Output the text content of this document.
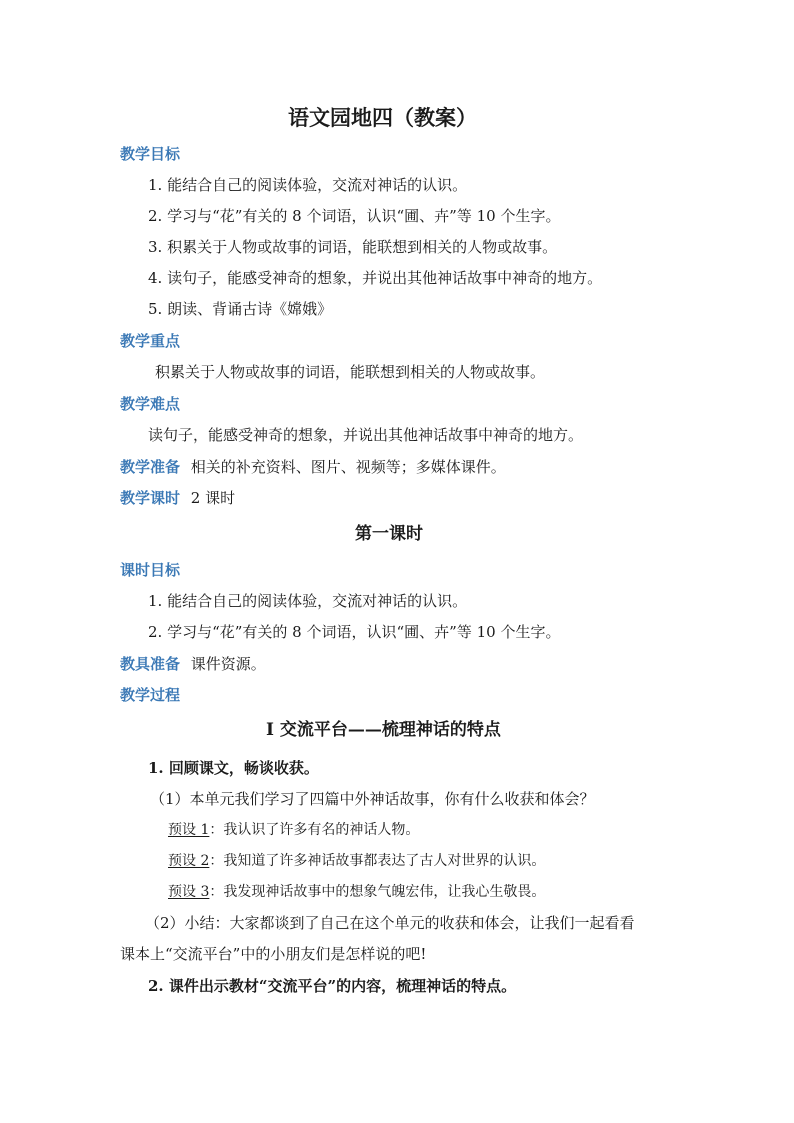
语文园地四（教案）
教学目标
1. 能结合自己的阅读体验，交流对神话的认识。
2. 学习与“花”有关的 8 个词语，认识“圃、卉”等 10 个生字。
3. 积累关于人物或故事的词语，能联想到相关的人物或故事。
4. 读句子，能感受神奇的想象，并说出其他神话故事中神奇的地方。
5. 朗读、背诵古诗《嫦娥》
教学重点
积累关于人物或故事的词语，能联想到相关的人物或故事。
教学难点
读句子，能感受神奇的想象，并说出其他神话故事中神奇的地方。
教学准备 相关的补充资料、图片、视频等；多媒体课件。
教学课时 2 课时
第一课时
课时目标
1. 能结合自己的阅读体验，交流对神话的认识。
2. 学习与“花”有关的 8 个词语，认识“圃、卉”等 10 个生字。
教具准备 课件资源。
教学过程
Ⅰ 交流平台——梳理神话的特点
1. 回顾课文，畅谈收获。
（1）本单元我们学习了四篇中外神话故事，你有什么收获和体会？
预设 1：我认识了许多有名的神话人物。
预设 2：我知道了许多神话故事都表达了古人对世界的认识。
预设 3：我发现神话故事中的想象气魄宏伟，让我心生敬畏。
（2）小结：大家都谈到了自己在这个单元的收获和体会，让我们一起看看
课本上“交流平台”中的小朋友们是怎样说的吧!
2. 课件出示教材“交流平台”的内容，梳理神话的特点。
